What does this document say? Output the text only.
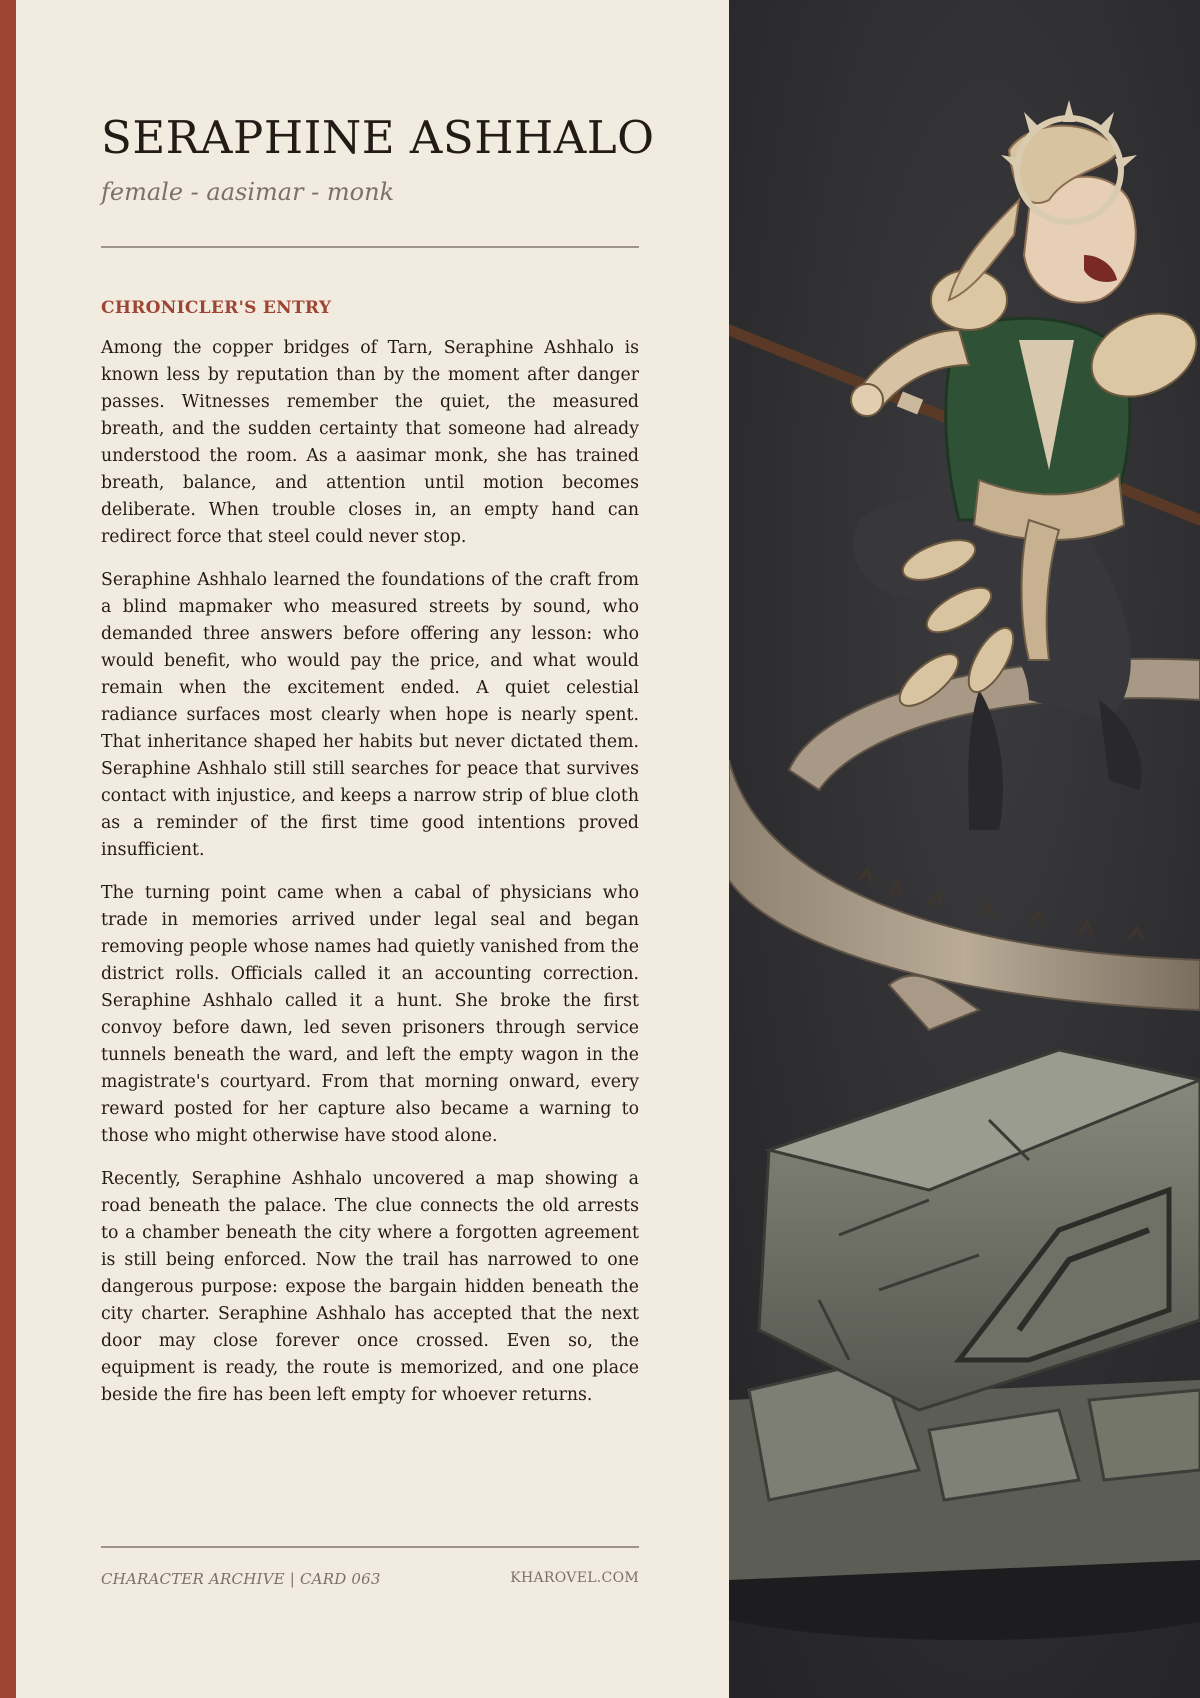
SERAPHINE ASHHALO
female - aasimar - monk
CHRONICLER'S ENTRY

Among the copper bridges of Tarn, Seraphine Ashhalo is known less by reputation than by the moment after danger passes. Witnesses remember the quiet, the measured breath, and the sudden certainty that someone had already understood the room. As a aasimar monk, she has trained breath, balance, and attention until motion becomes deliberate. When trouble closes in, an empty hand can redirect force that steel could never stop.

Seraphine Ashhalo learned the foundations of the craft from a blind mapmaker who measured streets by sound, who demanded three answers before offering any lesson: who would benefit, who would pay the price, and what would remain when the excitement ended. A quiet celestial radiance surfaces most clearly when hope is nearly spent. That inheritance shaped her habits but never dictated them. Seraphine Ashhalo still still searches for peace that survives contact with injustice, and keeps a narrow strip of blue cloth as a reminder of the first time good intentions proved insufficient.

The turning point came when a cabal of physicians who trade in memories arrived under legal seal and began removing people whose names had quietly vanished from the district rolls. Officials called it an accounting correction. Seraphine Ashhalo called it a hunt. She broke the first convoy before dawn, led seven prisoners through service tunnels beneath the ward, and left the empty wagon in the magistrate's courtyard. From that morning onward, every reward posted for her capture also became a warning to those who might otherwise have stood alone.

Recently, Seraphine Ashhalo uncovered a map showing a road beneath the palace. The clue connects the old arrests to a chamber beneath the city where a forgotten agreement is still being enforced. Now the trail has narrowed to one dangerous purpose: expose the bargain hidden beneath the city charter. Seraphine Ashhalo has accepted that the next door may close forever once crossed. Even so, the equipment is ready, the route is memorized, and one place beside the fire has been left empty for whoever returns.

CHARACTER ARCHIVE | CARD 063	KHAROVEL.COM
